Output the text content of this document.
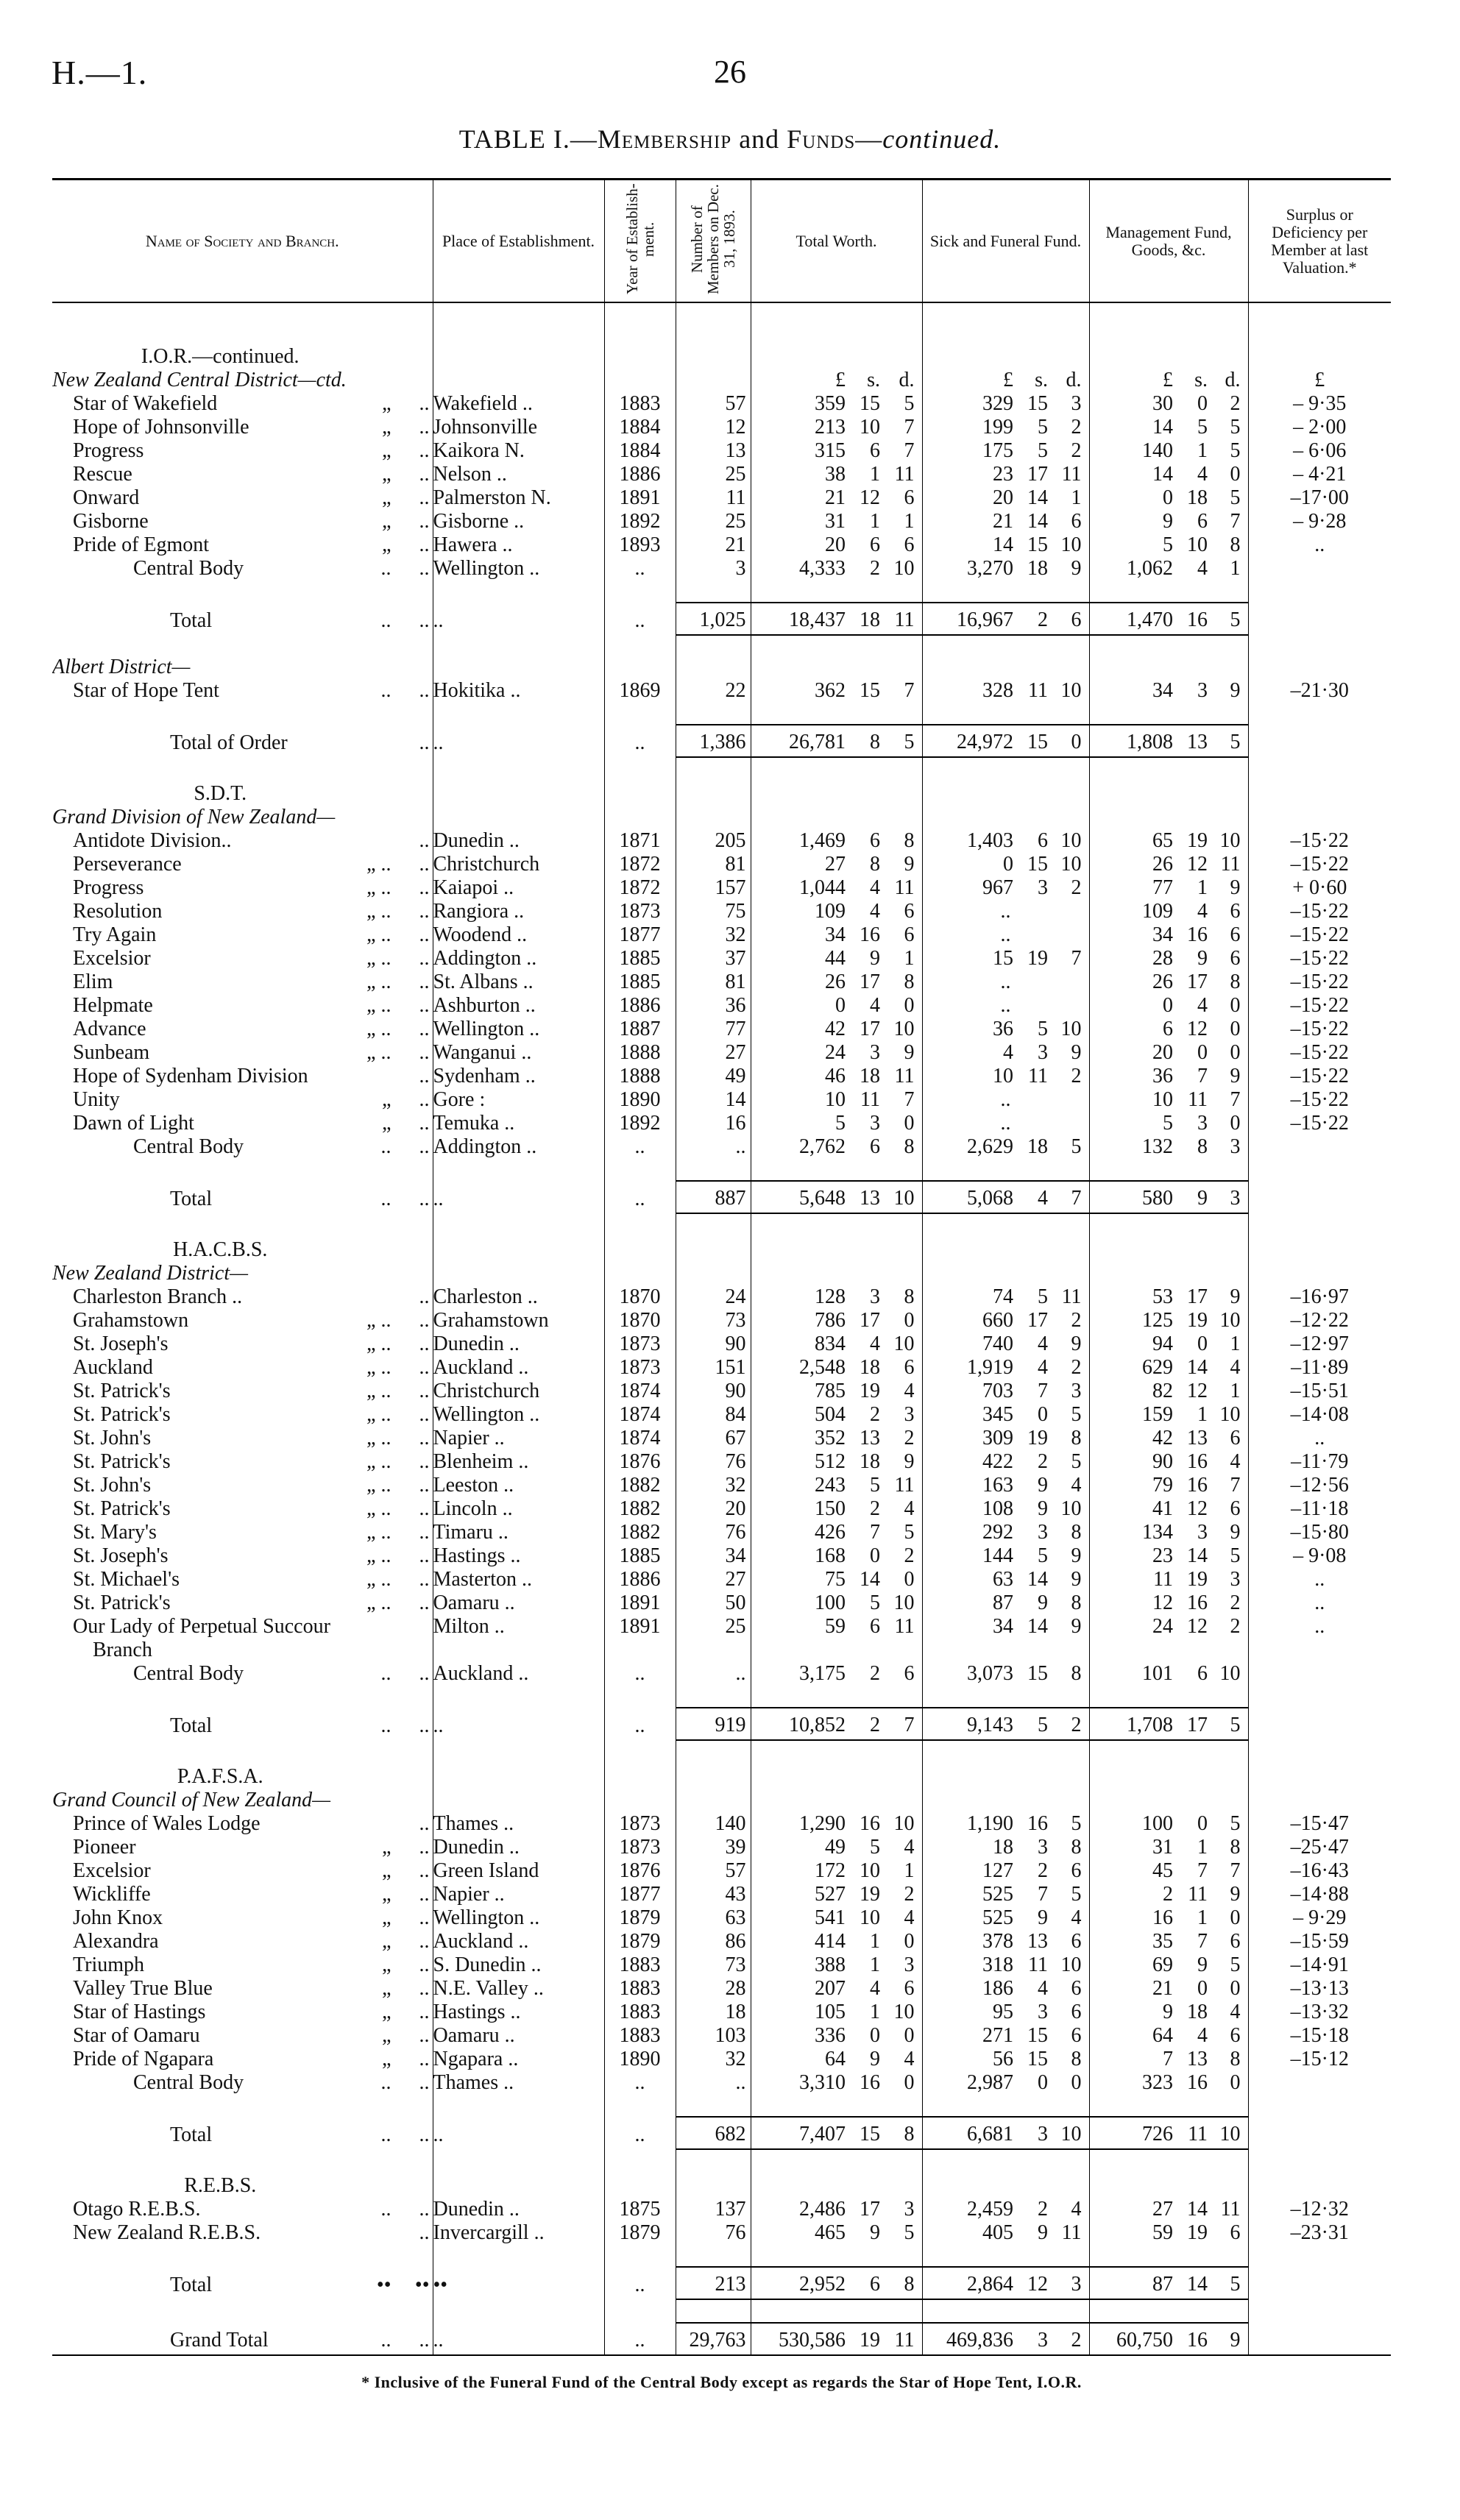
H.—1.	26
TABLE I.—Membership and Funds—continued.
Name of Society and Branch.	Place of Establishment.	Year of Establish-ment.	Number of Members on Dec. 31, 1893.	Total Worth.			Sick and Funeral Fund.			Management Fund, Goods, &c.			Surplus or Deficiency per Member at last Valuation.*
I.O.R.—continued.													
New Zealand Central District—ctd.				£	s.	d.	£	s.	d.	£	s.	d.	£

Star of Wakefield „ ..	Wakefield ..	1883	57	359	15	5	329	15	3	30	0	2	– 9·35

Hope of Johnsonville „ ..	Johnsonville	1884	12	213	10	7	199	5	2	14	5	5	– 2·00

Progress „ ..	Kaikora N.	1884	13	315	6	7	175	5	2	140	1	5	– 6·06

Rescue „ ..	Nelson ..	1886	25	38	1	11	23	17	11	14	4	0	– 4·21

Onward „ ..	Palmerston N.	1891	11	21	12	6	20	14	1	0	18	5	–17·00

Gisborne „ ..	Gisborne ..	1892	25	31	1	1	21	14	6	9	6	7	– 9·28

Pride of Egmont „ ..	Hawera ..	1893	21	20	6	6	14	15	10	5	10	8	..

Central Body .. ..	Wellington ..	..	3	4,333	2	10	3,270	18	9	1,062	4	1	

Total .. ..	..	..	1,025	18,437	18	11	16,967	2	6	1,470	16	5	
Albert District—													

Star of Hope Tent .. ..	Hokitika ..	1869	22	362	15	7	328	11	10	34	3	9	–21·30

Total of Order ..	..	..	1,386	26,781	8	5	24,972	15	0	1,808	13	5	
S.D.T.													
Grand Division of New Zealand—													

Antidote Division.. ..	Dunedin ..	1871	205	1,469	6	8	1,403	6	10	65	19	10	–15·22

Perseverance „ .. ..	Christchurch	1872	81	27	8	9	0	15	10	26	12	11	–15·22

Progress „ .. ..	Kaiapoi ..	1872	157	1,044	4	11	967	3	2	77	1	9	+ 0·60

Resolution „ .. ..	Rangiora ..	1873	75	109	4	6	..			109	4	6	–15·22

Try Again „ .. ..	Woodend ..	1877	32	34	16	6	..			34	16	6	–15·22

Excelsior „ .. ..	Addington ..	1885	37	44	9	1	15	19	7	28	9	6	–15·22

Elim „ .. ..	St. Albans ..	1885	81	26	17	8	..			26	17	8	–15·22

Helpmate „ .. ..	Ashburton ..	1886	36	0	4	0	..			0	4	0	–15·22

Advance „ .. ..	Wellington ..	1887	77	42	17	10	36	5	10	6	12	0	–15·22

Sunbeam „ .. ..	Wanganui ..	1888	27	24	3	9	4	3	9	20	0	0	–15·22

Hope of Sydenham Division ..	Sydenham ..	1888	49	46	18	11	10	11	2	36	7	9	–15·22

Unity „ ..	Gore :	1890	14	10	11	7	..			10	11	7	–15·22

Dawn of Light „ ..	Temuka ..	1892	16	5	3	0	..			5	3	0	–15·22

Central Body .. ..	Addington ..	..	..	2,762	6	8	2,629	18	5	132	8	3	

Total .. ..	..	..	887	5,648	13	10	5,068	4	7	580	9	3	
H.A.C.B.S.													
New Zealand District—													

Charleston Branch .. ..	Charleston ..	1870	24	128	3	8	74	5	11	53	17	9	–16·97

Grahamstown „ .. ..	Grahamstown	1870	73	786	17	0	660	17	2	125	19	10	–12·22

St. Joseph's „ .. ..	Dunedin ..	1873	90	834	4	10	740	4	9	94	0	1	–12·97

Auckland „ .. ..	Auckland ..	1873	151	2,548	18	6	1,919	4	2	629	14	4	–11·89

St. Patrick's „ .. ..	Christchurch	1874	90	785	19	4	703	7	3	82	12	1	–15·51

St. Patrick's „ .. ..	Wellington ..	1874	84	504	2	3	345	0	5	159	1	10	–14·08

St. John's „ .. ..	Napier ..	1874	67	352	13	2	309	19	8	42	13	6	..

St. Patrick's „ .. ..	Blenheim ..	1876	76	512	18	9	422	2	5	90	16	4	–11·79

St. John's „ .. ..	Leeston ..	1882	32	243	5	11	163	9	4	79	16	7	–12·56

St. Patrick's „ .. ..	Lincoln ..	1882	20	150	2	4	108	9	10	41	12	6	–11·18

St. Mary's „ .. ..	Timaru ..	1882	76	426	7	5	292	3	8	134	3	9	–15·80

St. Joseph's „ .. ..	Hastings ..	1885	34	168	0	2	144	5	9	23	14	5	– 9·08

St. Michael's „ .. ..	Masterton ..	1886	27	75	14	0	63	14	9	11	19	3	..

St. Patrick's „ .. ..	Oamaru ..	1891	50	100	5	10	87	9	8	12	16	2	..

Our Lady of Perpetual Succour	Milton ..	1891	25	59	6	11	34	14	9	24	12	2	..

Branch													

Central Body .. ..	Auckland ..	..	..	3,175	2	6	3,073	15	8	101	6	10	

Total .. ..	..	..	919	10,852	2	7	9,143	5	2	1,708	17	5	
P.A.F.S.A.													
Grand Council of New Zealand—													

Prince of Wales Lodge ..	Thames ..	1873	140	1,290	16	10	1,190	16	5	100	0	5	–15·47

Pioneer „ ..	Dunedin ..	1873	39	49	5	4	18	3	8	31	1	8	–25·47

Excelsior „ ..	Green Island	1876	57	172	10	1	127	2	6	45	7	7	–16·43

Wickliffe „ ..	Napier ..	1877	43	527	19	2	525	7	5	2	11	9	–14·88

John Knox „ ..	Wellington ..	1879	63	541	10	4	525	9	4	16	1	0	– 9·29

Alexandra „ ..	Auckland ..	1879	86	414	1	0	378	13	6	35	7	6	–15·59

Triumph „ ..	S. Dunedin ..	1883	73	388	1	3	318	11	10	69	9	5	–14·91

Valley True Blue „ ..	N.E. Valley ..	1883	28	207	4	6	186	4	6	21	0	0	–13·13

Star of Hastings „ ..	Hastings ..	1883	18	105	1	10	95	3	6	9	18	4	–13·32

Star of Oamaru „ ..	Oamaru ..	1883	103	336	0	0	271	15	6	64	4	6	–15·18

Pride of Ngapara „ ..	Ngapara ..	1890	32	64	9	4	56	15	8	7	13	8	–15·12

Central Body .. ..	Thames ..	..	..	3,310	16	0	2,987	0	0	323	16	0	

Total .. ..	..	..	682	7,407	15	8	6,681	3	10	726	11	10	
R.E.B.S.													

Otago R.E.B.S. .. ..	Dunedin ..	1875	137	2,486	17	3	2,459	2	4	27	14	11	–12·32

New Zealand R.E.B.S. ..	Invercargill ..	1879	76	465	9	5	405	9	11	59	19	6	–23·31

Total •• ••	••	..	213	2,952	6	8	2,864	12	3	87	14	5	

Grand Total .. ..	..	..	29,763	530,586	19	11	469,836	3	2	60,750	16	9	
* Inclusive of the Funeral Fund of the Central Body except as regards the Star of Hope Tent, I.O.R.
